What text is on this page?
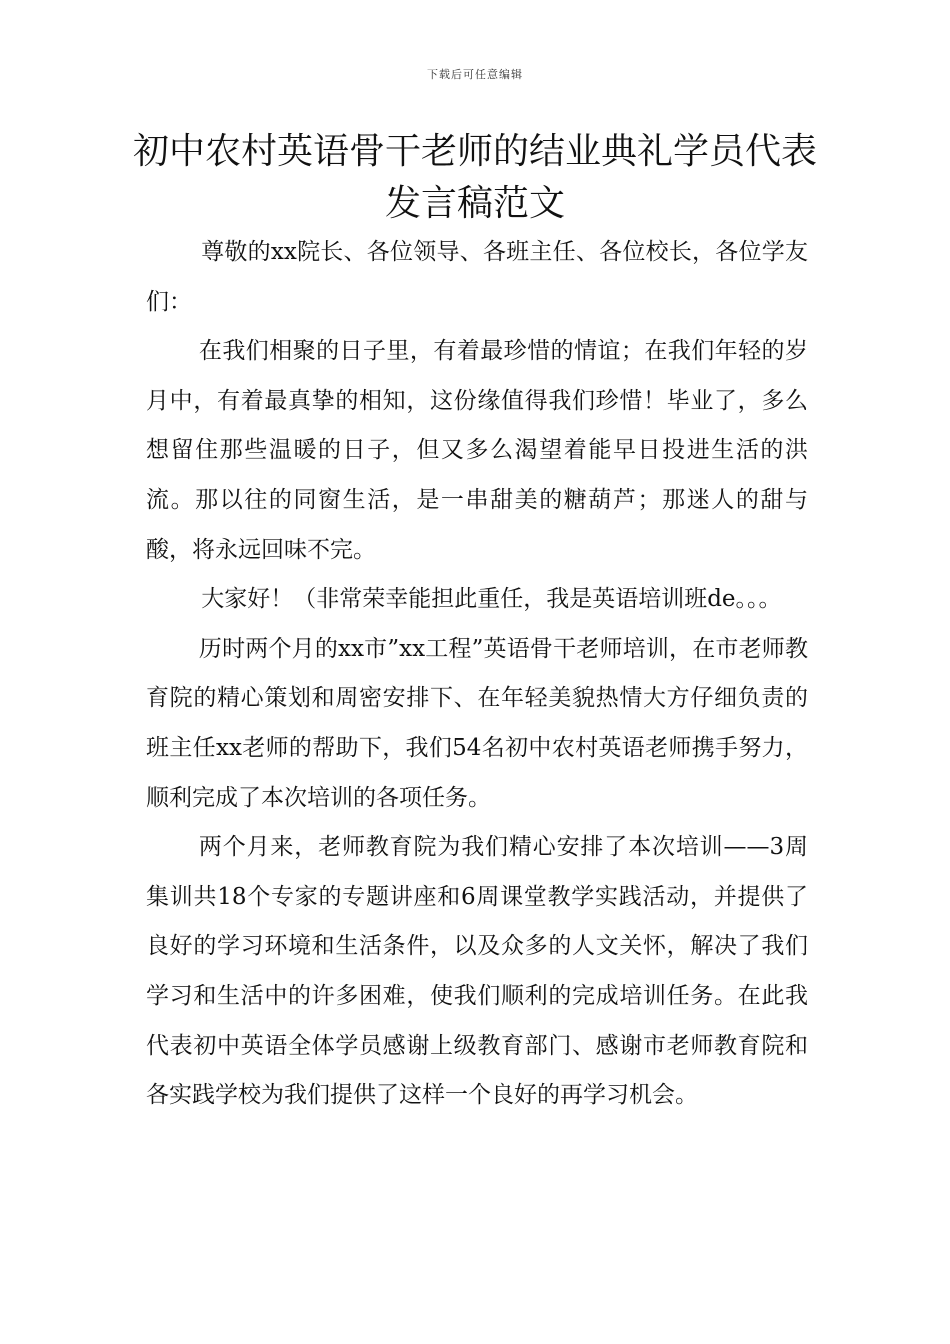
下载后可任意编辑
初中农村英语骨干老师的结业典礼学员代表发言稿范文

尊敬的xx院长、各位领导、各班主任、各位校长，各位学友们：

在我们相聚的日子里，有着最珍惜的情谊；在我们年轻的岁月中，有着最真挚的相知，这份缘值得我们珍惜！毕业了，多么想留住那些温暖的日子，但又多么渴望着能早日投进生活的洪流。那以往的同窗生活，是一串甜美的糖葫芦；那迷人的甜与酸，将永远回味不完。

大家好！（非常荣幸能担此重任，我是英语培训班de。。。

历时两个月的xx市”xx工程”英语骨干老师培训，在市老师教育院的精心策划和周密安排下、在年轻美貌热情大方仔细负责的班主任xx老师的帮助下，我们54名初中农村英语老师携手努力，顺利完成了本次培训的各项任务。

两个月来，老师教育院为我们精心安排了本次培训——3周集训共18个专家的专题讲座和6周课堂教学实践活动，并提供了良好的学习环境和生活条件，以及众多的人文关怀，解决了我们学习和生活中的许多困难，使我们顺利的完成培训任务。在此我代表初中英语全体学员感谢上级教育部门、感谢市老师教育院和各实践学校为我们提供了这样一个良好的再学习机会。
